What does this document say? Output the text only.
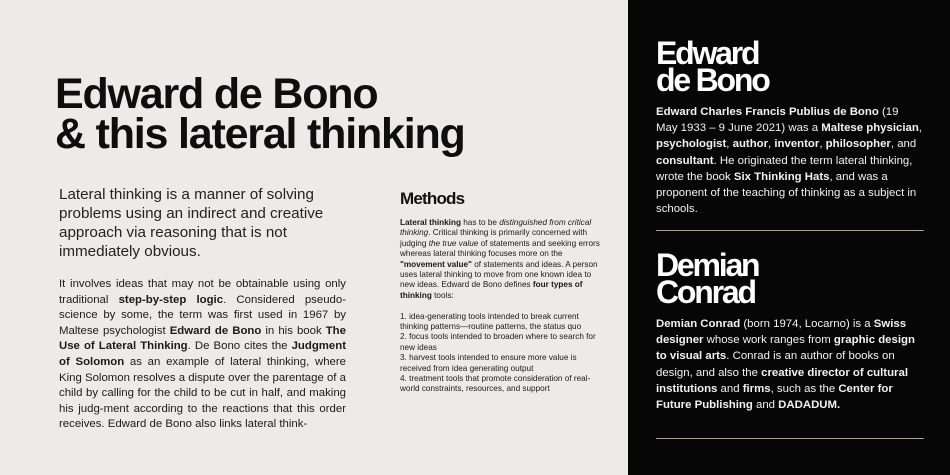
Edward de Bono
& this lateral thinking

Lateral thinking is a manner of solving problems using an indirect and creative approach via reasoning that is not immediately obvious.

It involves ideas that may not be obtainable using only traditional step-by-step logic. Considered pseudo-science by some, the term was first used in 1967 by Maltese psychologist Edward de Bono in his book The Use of Lateral Thinking. De Bono cites the Judgment of Solomon as an example of lateral thinking, where King Solomon resolves a dispute over the parentage of a child by calling for the child to be cut in half, and making his judg-ment according to the reactions that this order receives. Edward de Bono also links lateral think-

Methods

Lateral thinking has to be distinguished from critical thinking. Critical thinking is primarily concerned with judging the true value of statements and seeking errors whereas lateral thinking focuses more on the "movement value" of statements and ideas. A person uses lateral thinking to move from one known idea to new ideas. Edward de Bono defines four types of thinking tools:

1. idea-generating tools intended to break current thinking patterns—routine patterns, the status quo
2. focus tools intended to broaden where to search for new ideas
3. harvest tools intended to ensure more value is received from idea generating output
4. treatment tools that promote consideration of real-world constraints, resources, and support
Edward
de Bono

Edward Charles Francis Publius de Bono (19 May 1933 – 9 June 2021) was a Maltese physician, psychologist, author, inventor, philosopher, and consultant. He originated the term lateral thinking, wrote the book Six Thinking Hats, and was a proponent of the teaching of thinking as a subject in schools.

Demian
Conrad

Demian Conrad (born 1974, Locarno) is a Swiss designer whose work ranges from graphic design to visual arts. Conrad is an author of books on design, and also the creative director of cultural institutions and firms, such as the Center for Future Publishing and DADADUM.
